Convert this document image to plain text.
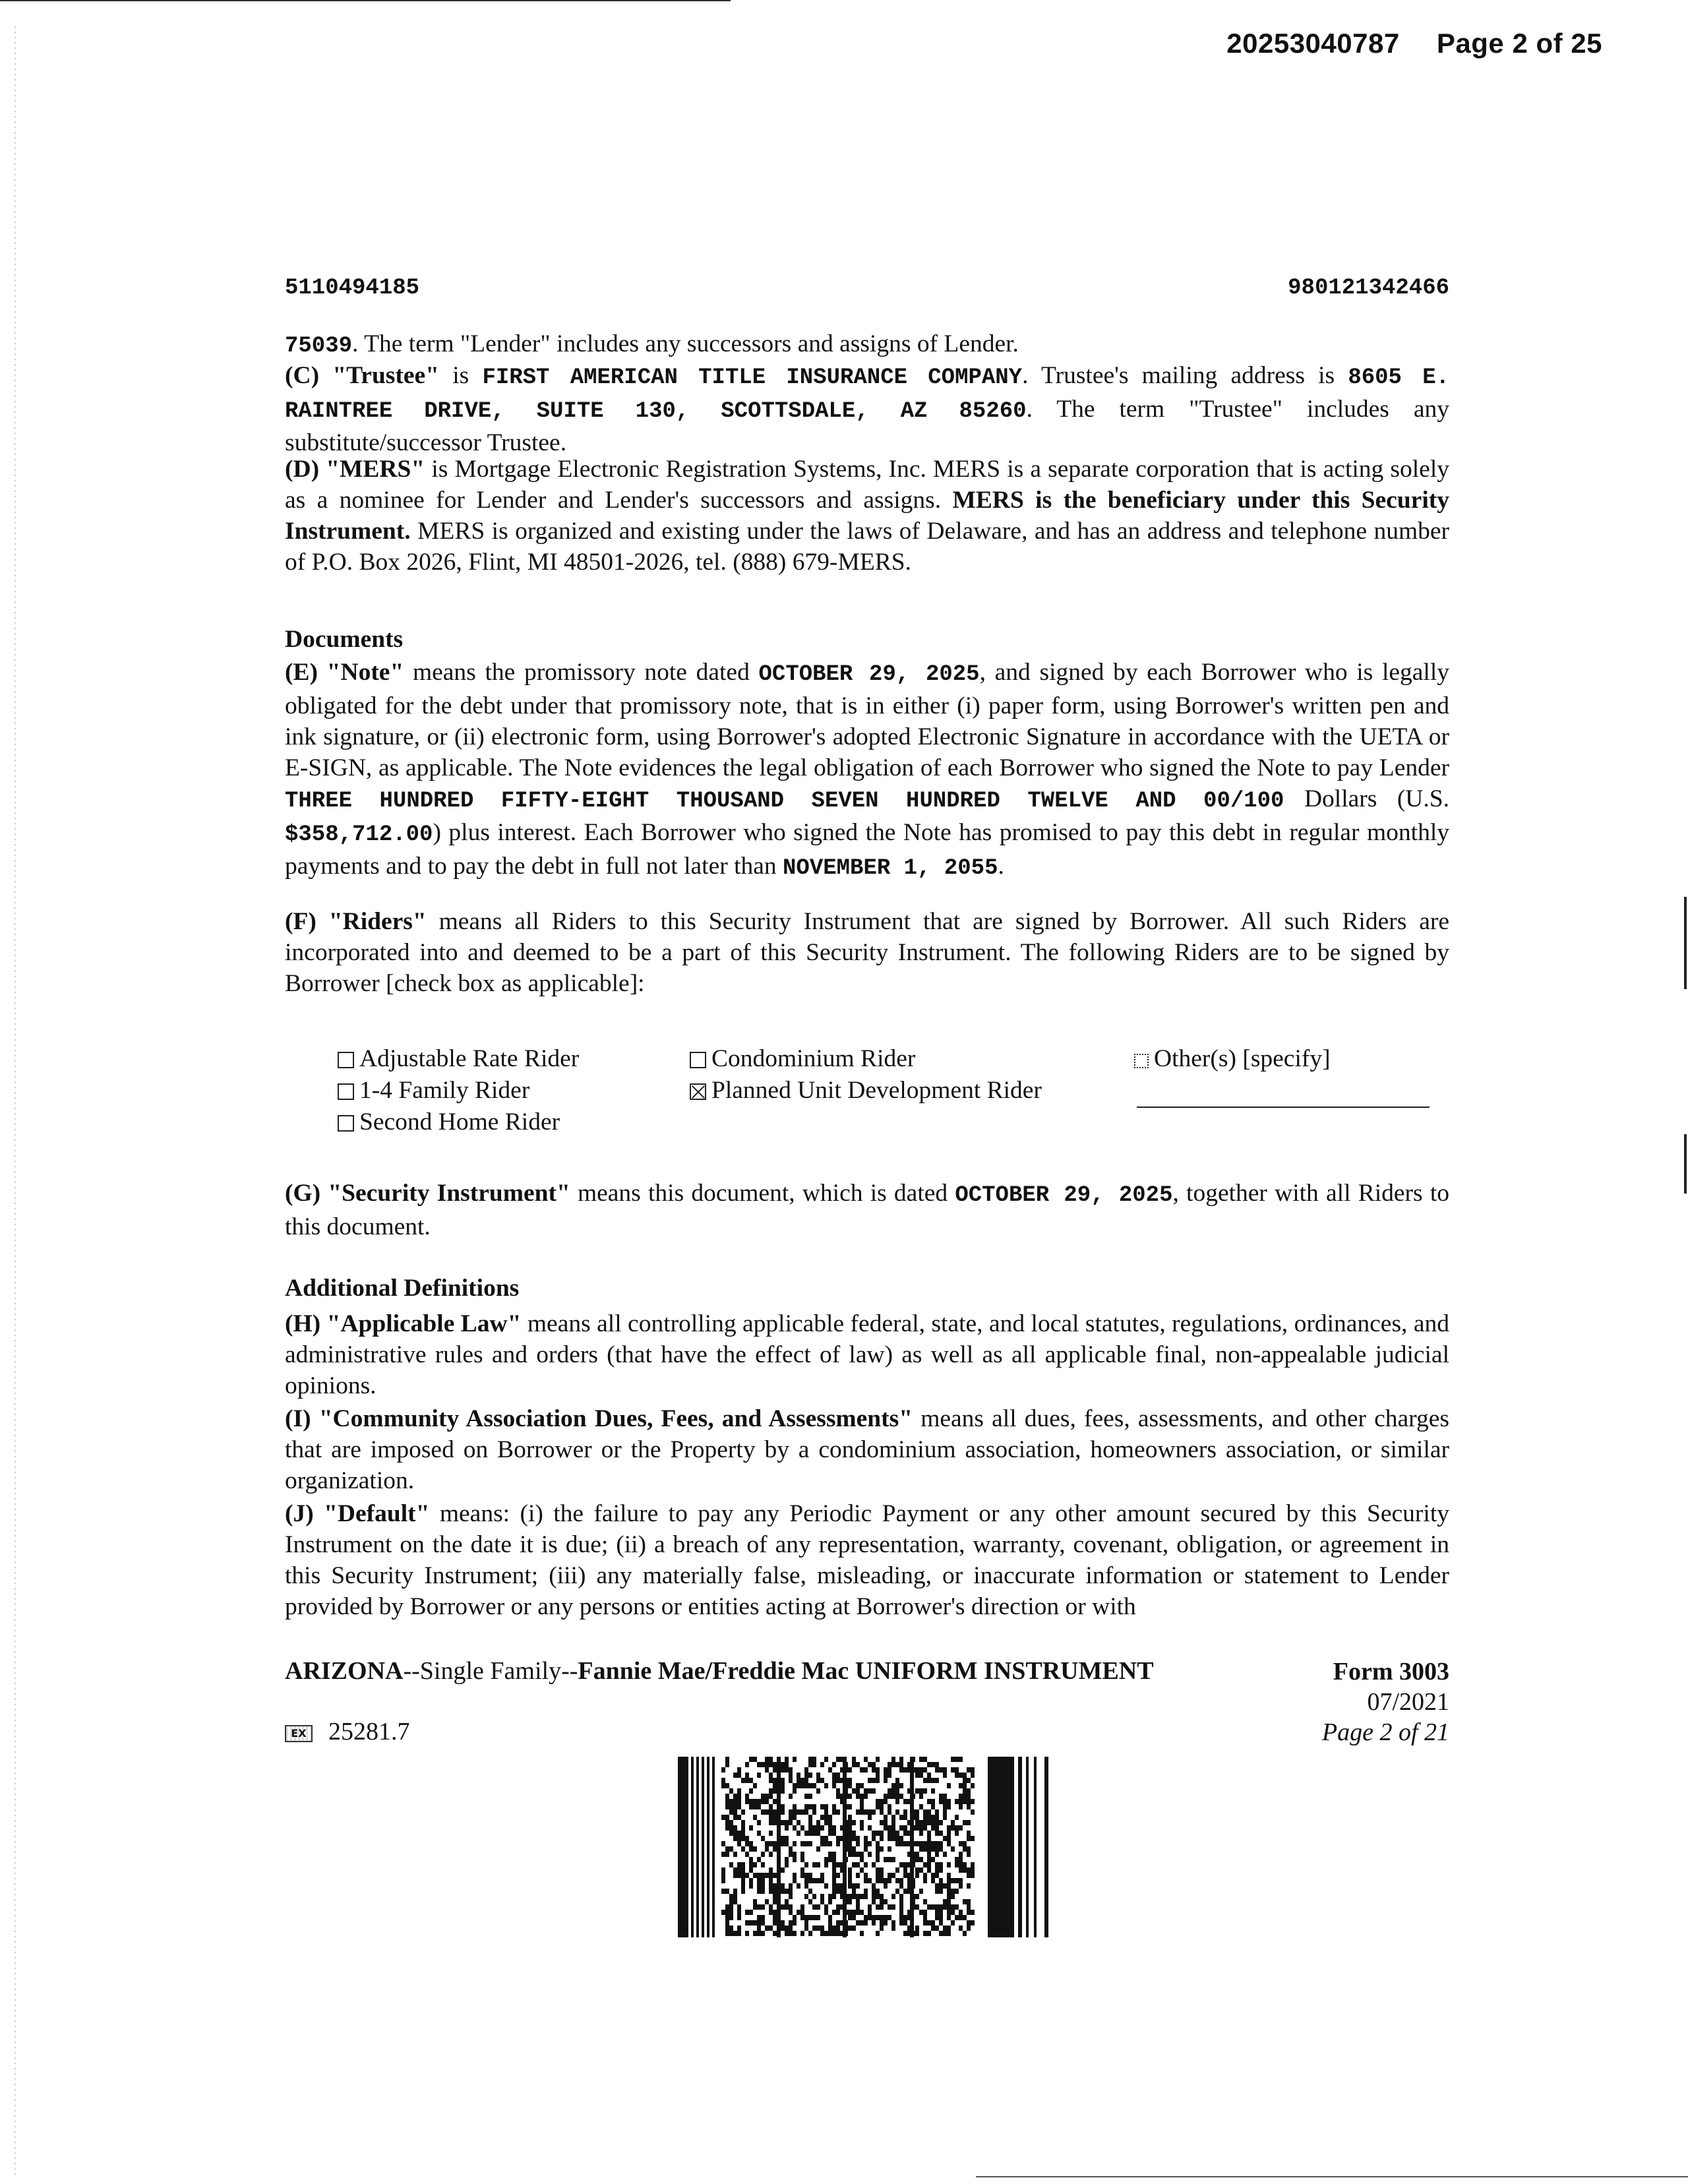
20253040787 Page 2 of 25
5110494185	980121342466

75039. The term "Lender" includes any successors and assigns of Lender.

(C) "Trustee" is FIRST AMERICAN TITLE INSURANCE COMPANY. Trustee's mailing address is 8605 E. RAINTREE DRIVE, SUITE 130, SCOTTSDALE, AZ 85260. The term "Trustee" includes any substitute/successor Trustee.

(D) "MERS" is Mortgage Electronic Registration Systems, Inc. MERS is a separate corporation that is acting solely as a nominee for Lender and Lender's successors and assigns. MERS is the beneficiary under this Security Instrument. MERS is organized and existing under the laws of Delaware, and has an address and telephone number of P.O. Box 2026, Flint, MI 48501-2026, tel. (888) 679-MERS.

Documents

(E) "Note" means the promissory note dated OCTOBER 29, 2025, and signed by each Borrower who is legally obligated for the debt under that promissory note, that is in either (i) paper form, using Borrower's written pen and ink signature, or (ii) electronic form, using Borrower's adopted Electronic Signature in accordance with the UETA or E-SIGN, as applicable. The Note evidences the legal obligation of each Borrower who signed the Note to pay Lender THREE HUNDRED FIFTY-EIGHT THOUSAND SEVEN HUNDRED TWELVE AND 00/100 Dollars (U.S. $358,712.00) plus interest. Each Borrower who signed the Note has promised to pay this debt in regular monthly payments and to pay the debt in full not later than NOVEMBER 1, 2055.

(F) "Riders" means all Riders to this Security Instrument that are signed by Borrower. All such Riders are incorporated into and deemed to be a part of this Security Instrument. The following Riders are to be signed by Borrower [check box as applicable]:

Adjustable Rate Rider
1-4 Family Rider
Second Home Rider
Condominium Rider
Planned Unit Development Rider
Other(s) [specify]

(G) "Security Instrument" means this document, which is dated OCTOBER 29, 2025, together with all Riders to this document.

Additional Definitions

(H) "Applicable Law" means all controlling applicable federal, state, and local statutes, regulations, ordinances, and administrative rules and orders (that have the effect of law) as well as all applicable final, non-appealable judicial opinions.

(I) "Community Association Dues, Fees, and Assessments" means all dues, fees, assessments, and other charges that are imposed on Borrower or the Property by a condominium association, homeowners association, or similar organization.

(J) "Default" means: (i) the failure to pay any Periodic Payment or any other amount secured by this Security Instrument on the date it is due; (ii) a breach of any representation, warranty, covenant, obligation, or agreement in this Security Instrument; (iii) any materially false, misleading, or inaccurate information or statement to Lender provided by Borrower or any persons or entities acting at Borrower's direction or with

ARIZONA--Single Family--Fannie Mae/Freddie Mac UNIFORM INSTRUMENT	Form 3003
07/2021
Page 2 of 21
EX 25281.7
